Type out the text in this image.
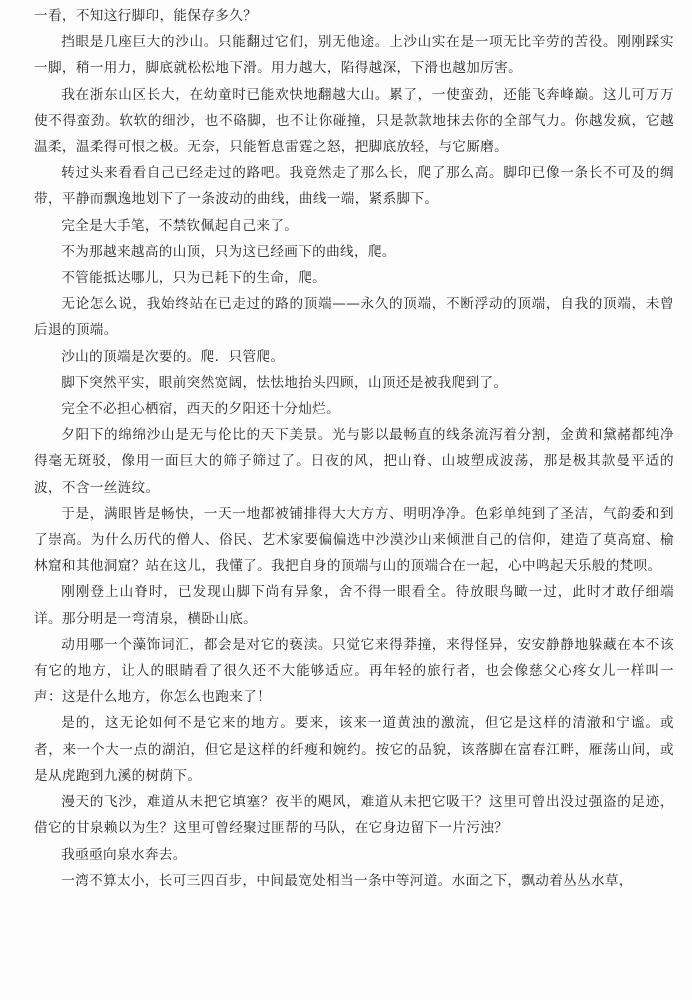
一看，不知这行脚印，能保存多久？

挡眼是几座巨大的沙山。只能翻过它们，别无他途。上沙山实在是一项无比辛劳的苦役。刚刚踩实一脚，稍一用力，脚底就松松地下滑。用力越大，陷得越深，下滑也越加厉害。

我在浙东山区长大，在幼童时已能欢快地翻越大山。累了，一使蛮劲，还能飞奔峰巅。这儿可万万使不得蛮劲。软软的细沙，也不硌脚，也不让你碰撞，只是款款地抹去你的全部气力。你越发疯，它越温柔，温柔得可恨之极。无奈，只能暂息雷霆之怒，把脚底放轻，与它厮磨。

转过头来看看自己已经走过的路吧。我竟然走了那么长，爬了那么高。脚印已像一条长不可及的绸带，平静而飘逸地划下了一条波动的曲线，曲线一端，紧系脚下。

完全是大手笔，不禁钦佩起自己来了。

不为那越来越高的山顶，只为这已经画下的曲线，爬。

不管能抵达哪儿，只为已耗下的生命，爬。

无论怎么说，我始终站在已走过的路的顶端——永久的顶端，不断浮动的顶端，自我的顶端，未曾后退的顶端。

沙山的顶端是次要的。爬．只管爬。

脚下突然平实，眼前突然宽阔，怯怯地抬头四顾，山顶还是被我爬到了。

完全不必担心栖宿，西天的夕阳还十分灿烂。

夕阳下的绵绵沙山是无与伦比的天下美景。光与影以最畅直的线条流泻着分割，金黄和黛赭都纯净得毫无斑驳，像用一面巨大的筛子筛过了。日夜的风，把山脊、山坡塑成波荡，那是极其款曼平适的波，不含一丝涟纹。

于是，满眼皆是畅快，一天一地都被铺排得大大方方、明明净净。色彩单纯到了圣洁，气韵委和到了崇高。为什么历代的僧人、俗民、艺术家要偏偏选中沙漠沙山来倾泄自己的信仰，建造了莫高窟、榆林窟和其他洞窟？站在这儿，我懂了。我把自身的顶端与山的顶端合在一起，心中鸣起天乐般的梵呗。

刚刚登上山脊时，已发现山脚下尚有异象，舍不得一眼看全。待放眼鸟瞰一过，此时才敢仔细端详。那分明是一弯清泉，横卧山底。

动用哪一个藻饰词汇，都会是对它的亵渎。只觉它来得莽撞，来得怪异，安安静静地躲藏在本不该有它的地方，让人的眼睛看了很久还不大能够适应。再年轻的旅行者，也会像慈父心疼女儿一样叫一声：这是什么地方，你怎么也跑来了！

是的，这无论如何不是它来的地方。要来，该来一道黄浊的激流，但它是这样的清澈和宁谧。或者，来一个大一点的湖泊，但它是这样的纤瘦和婉约。按它的品貌，该落脚在富春江畔，雁荡山间，或是从虎跑到九溪的树荫下。

漫天的飞沙，难道从未把它填塞？夜半的飓风，难道从未把它吸干？这里可曾出没过强盗的足迹，借它的甘泉赖以为生？这里可曾经聚过匪帮的马队，在它身边留下一片污浊？

我亟亟向泉水奔去。

一湾不算太小，长可三四百步，中间最宽处相当一条中等河道。水面之下，飘动着丛丛水草，
